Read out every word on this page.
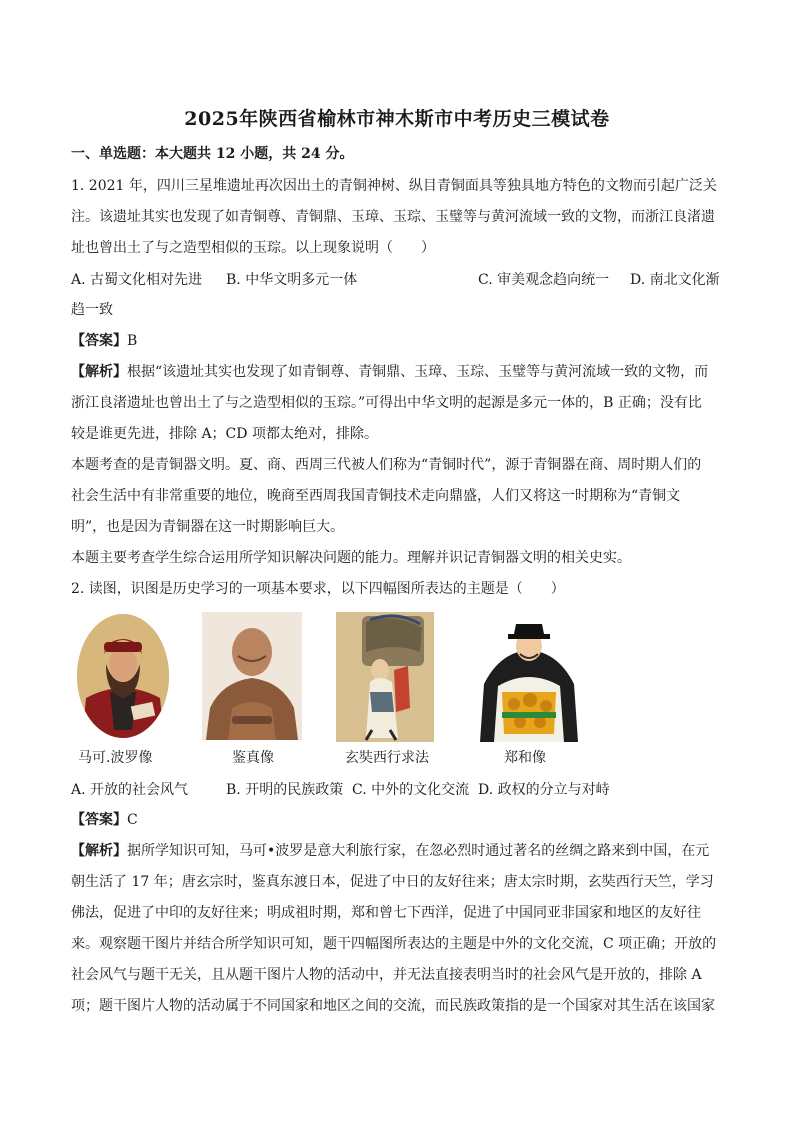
2025年陕西省榆林市神木斯市中考历史三模试卷
一、单选题：本大题共 12 小题，共 24 分。
1. 2021 年，四川三星堆遗址再次因出土的青铜神树、纵目青铜面具等独具地方特色的文物而引起广泛关
注。该遗址其实也发现了如青铜尊、青铜鼎、玉璋、玉琮、玉璧等与黄河流域一致的文物，而浙江良渚遗
址也曾出土了与之造型相似的玉琮。以上现象说明（　　）
A. 古蜀文化相对先进 B. 中华文明多元一体	C. 审美观念趋向统一 D. 南北文化渐
趋一致
【答案】B
【解析】根据“该遗址其实也发现了如青铜尊、青铜鼎、玉璋、玉琮、玉璧等与黄河流域一致的文物，而
浙江良渚遗址也曾出土了与之造型相似的玉琮。”可得出中华文明的起源是多元一体的，B 正确；没有比
较是谁更先进，排除 A；CD 项都太绝对，排除。
本题考查的是青铜器文明。夏、商、西周三代被人们称为“青铜时代”，源于青铜器在商、周时期人们的
社会生活中有非常重要的地位，晚商至西周我国青铜技术走向鼎盛，人们又将这一时期称为“青铜文
明”，也是因为青铜器在这一时期影响巨大。
本题主要考查学生综合运用所学知识解决问题的能力。理解并识记青铜器文明的相关史实。
2. 读图，识图是历史学习的一项基本要求，以下四幅图所表达的主题是（　　）
马可.波罗像	鉴真像	玄奘西行求法	郑和像
A. 开放的社会风气	B. 开明的民族政策 C. 中外的文化交流 D. 政权的分立与对峙
【答案】C
【解析】据所学知识可知，马可•波罗是意大利旅行家，在忽必烈时通过著名的丝绸之路来到中国，在元
朝生活了 17 年；唐玄宗时，鉴真东渡日本，促进了中日的友好往来；唐太宗时期，玄奘西行天竺，学习
佛法，促进了中印的友好往来；明成祖时期，郑和曾七下西洋，促进了中国同亚非国家和地区的友好往
来。观察题干图片并结合所学知识可知，题干四幅图所表达的主题是中外的文化交流，C 项正确；开放的
社会风气与题干无关，且从题干图片人物的活动中，并无法直接表明当时的社会风气是开放的，排除 A
项；题干图片人物的活动属于不同国家和地区之间的交流，而民族政策指的是一个国家对其生活在该国家
